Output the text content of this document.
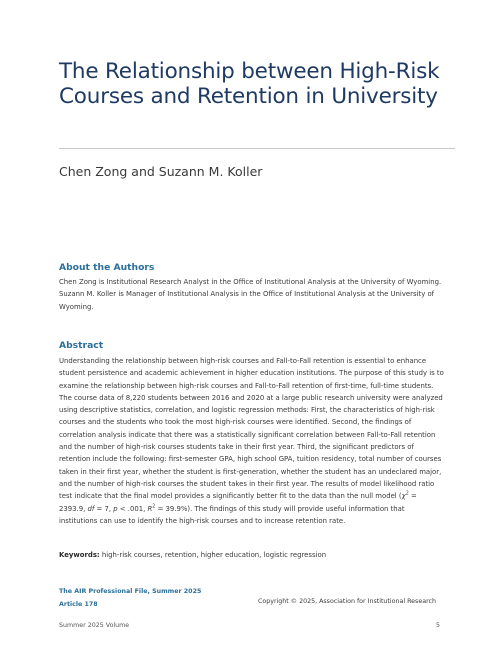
The Relationship between High-Risk Courses and Retention in University
Chen Zong and Suzann M. Koller
About the Authors
Chen Zong is Institutional Research Analyst in the Office of Institutional Analysis at the University of Wyoming. Suzann M. Koller is Manager of Institutional Analysis in the Office of Institutional Analysis at the University of Wyoming.
Abstract
Understanding the relationship between high-risk courses and Fall-to-Fall retention is essential to enhance student persistence and academic achievement in higher education institutions. The purpose of this study is to examine the relationship between high-risk courses and Fall-to-Fall retention of first-time, full-time students. The course data of 8,220 students between 2016 and 2020 at a large public research university were analyzed using descriptive statistics, correlation, and logistic regression methods: First, the characteristics of high-risk courses and the students who took the most high-risk courses were identified. Second, the findings of correlation analysis indicate that there was a statistically significant correlation between Fall-to-Fall retention and the number of high-risk courses students take in their first year. Third, the significant predictors of retention include the following: first-semester GPA, high school GPA, tuition residency, total number of courses taken in their first year, whether the student is first-generation, whether the student has an undeclared major, and the number of high-risk courses the student takes in their first year. The results of model likelihood ratio test indicate that the final model provides a significantly better fit to the data than the null model ($\chi^2 = 2393.9$, df = 7, p < .001, $R^2 = 39.9\%$). The findings of this study will provide useful information that institutions can use to identify the high-risk courses and to increase retention rate.
Keywords: high-risk courses, retention, higher education, logistic regression
The AIR Professional File, Summer 2025
Article 178	Copyright © 2025, Association for Institutional Research
Summer 2025 Volume	5
